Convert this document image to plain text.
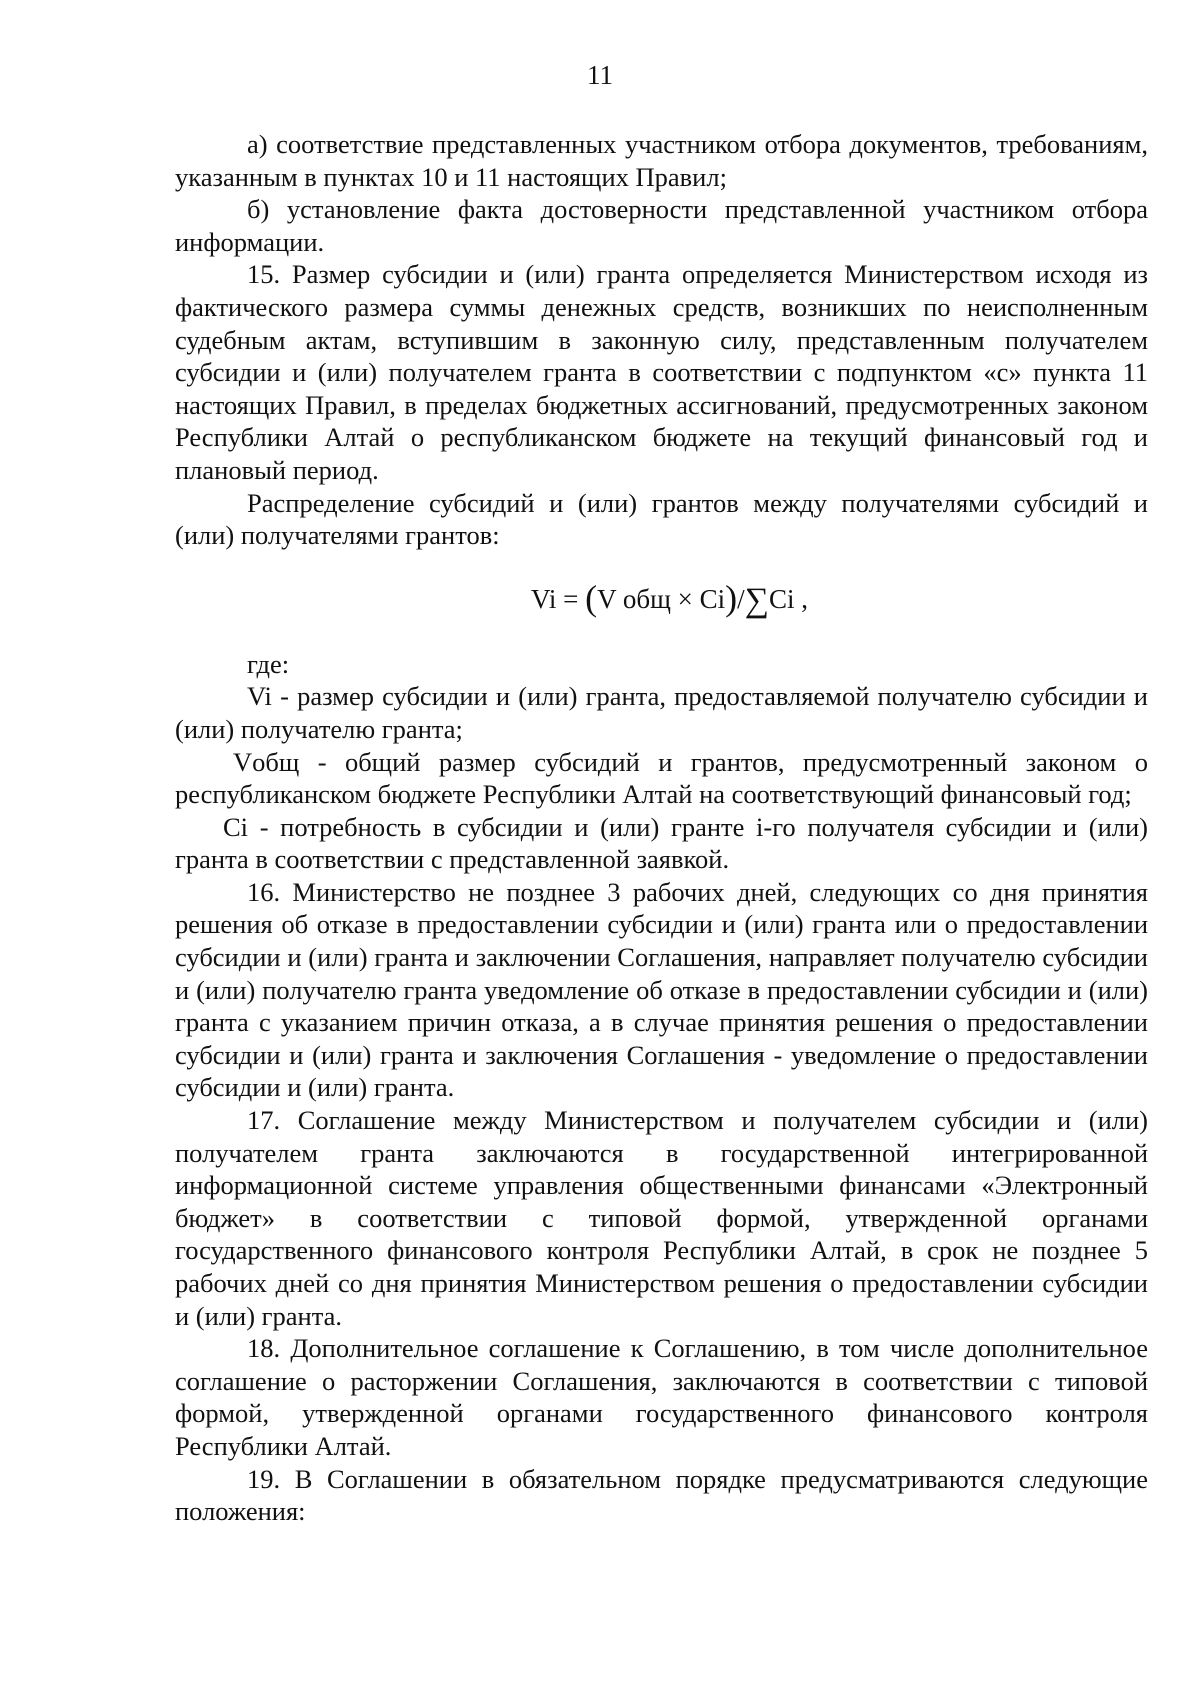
11

а) соответствие представленных участником отбора документов, требованиям, указанным в пунктах 10 и 11 настоящих Правил;

б) установление факта достоверности представленной участником отбора информации.

15. Размер субсидии и (или) гранта определяется Министерством исходя из фактического размера суммы денежных средств, возникших по неисполненным судебным актам, вступившим в законную силу, представленным получателем субсидии и (или) получателем гранта в соответствии с подпунктом «с» пункта 11 настоящих Правил, в пределах бюджетных ассигнований, предусмотренных законом Республики Алтай о республиканском бюджете на текущий финансовый год и плановый период.

Распределение субсидий и (или) грантов между получателями субсидий и (или) получателями грантов:

Vi = (V общ × Ci)/∑Ci ,

где:

Vi - размер субсидии и (или) гранта, предоставляемой получателю субсидии и (или) получателю гранта;

Vобщ - общий размер субсидий и грантов, предусмотренный законом о республиканском бюджете Республики Алтай на соответствующий финансовый год;

Ci - потребность в субсидии и (или) гранте i-го получателя субсидии и (или) гранта в соответствии с представленной заявкой.

16. Министерство не позднее 3 рабочих дней, следующих со дня принятия решения об отказе в предоставлении субсидии и (или) гранта или о предоставлении субсидии и (или) гранта и заключении Соглашения, направляет получателю субсидии и (или) получателю гранта уведомление об отказе в предоставлении субсидии и (или) гранта с указанием причин отказа, а в случае принятия решения о предоставлении субсидии и (или) гранта и заключения Соглашения - уведомление о предоставлении субсидии и (или) гранта.

17. Соглашение между Министерством и получателем субсидии и (или) получателем гранта заключаются в государственной интегрированной информационной системе управления общественными финансами «Электронный бюджет» в соответствии с типовой формой, утвержденной органами государственного финансового контроля Республики Алтай, в срок не позднее 5 рабочих дней со дня принятия Министерством решения о предоставлении субсидии и (или) гранта.

18. Дополнительное соглашение к Соглашению, в том числе дополнительное соглашение о расторжении Соглашения, заключаются в соответствии с типовой формой, утвержденной органами государственного финансового контроля Республики Алтай.

19. В Соглашении в обязательном порядке предусматриваются следующие положения:
